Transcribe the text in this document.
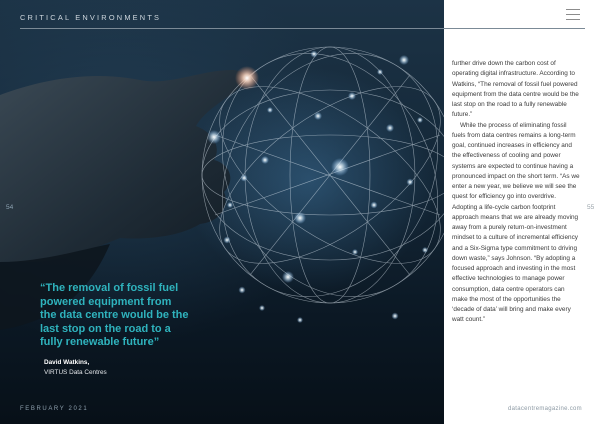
CRITICAL ENVIRONMENTS
54
“The removal of fossil fuel powered equipment from the data centre would be the last stop on the road to a fully renewable future”
David Watkins,
VIRTUS Data Centres
FEBRUARY 2021

further drive down the carbon cost of operating digital infrastructure. According to Watkins, “The removal of fossil fuel powered equipment from the data centre would be the last stop on the road to a fully renewable future.”

While the process of eliminating fossil fuels from data centres remains a long-term goal, continued increases in efficiency and the effectiveness of cooling and power systems are expected to continue having a pronounced impact on the short term. “As we enter a new year, we believe we will see the quest for efficiency go into overdrive. Adopting a life-cycle carbon footprint approach means that we are already moving away from a purely return-on-investment mindset to a culture of incremental efficiency and a Six-Sigma type commitment to driving down waste,” says Johnson. “By adopting a focused approach and investing in the most effective technologies to manage power consumption, data centre operators can make the most of the opportunities the ‘decade of data’ will bring and make every watt count.”

55
datacentremagazine.com
